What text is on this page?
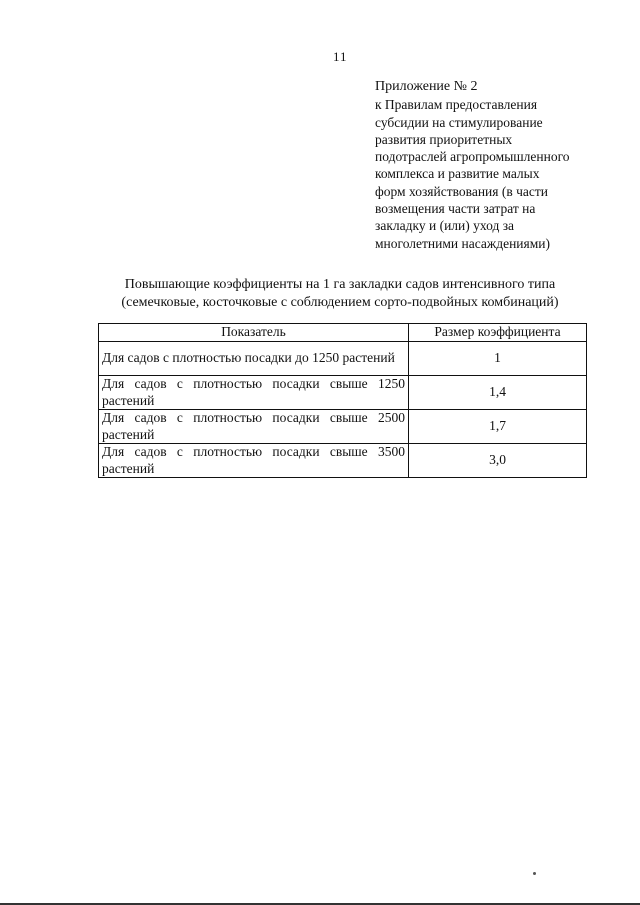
11
Приложение № 2
к Правилам предоставления
субсидии на стимулирование
развития приоритетных
подотраслей агропромышленного
комплекса и развитие малых
форм хозяйствования (в части
возмещения части затрат на
закладку и (или) уход за
многолетними насаждениями)
Повышающие коэффициенты на 1 га закладки садов интенсивного типа
(семечковые, косточковые с соблюдением сорто-подвойных комбинаций)
Показатель	Размер коэффициента
Для садов с плотностью посадки до 1250 растений	1
Для садов с плотностью посадки свыше 1250 растений	1,4
Для садов с плотностью посадки свыше 2500 растений	1,7
Для садов с плотностью посадки свыше 3500 растений	3,0
